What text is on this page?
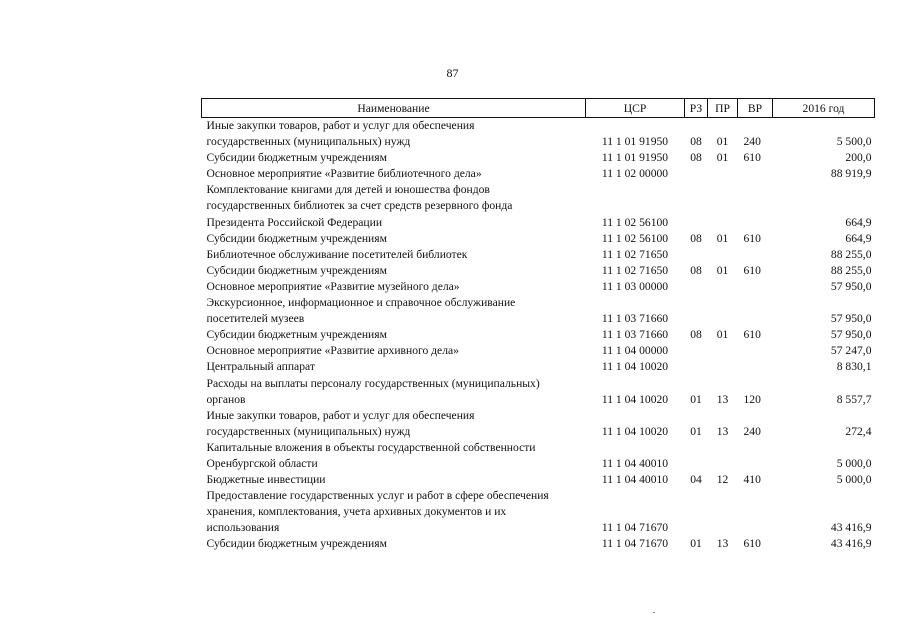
87
Наименование	ЦСР	РЗ	ПР	ВР	2016 год
Иные закупки товаров, работ и услуг для обеспечения					
государственных (муниципальных) нужд	11 1 01 91950	08	01	240	5 500,0
Субсидии бюджетным учреждениям	11 1 01 91950	08	01	610	200,0
Основное мероприятие «Развитие библиотечного дела»	11 1 02 00000				88 919,9
Комплектование книгами для детей и юношества фондов					
государственных библиотек за счет средств резервного фонда					
Президента Российской Федерации	11 1 02 56100				664,9
Субсидии бюджетным учреждениям	11 1 02 56100	08	01	610	664,9
Библиотечное обслуживание посетителей библиотек	11 1 02 71650				88 255,0
Субсидии бюджетным учреждениям	11 1 02 71650	08	01	610	88 255,0
Основное мероприятие «Развитие музейного дела»	11 1 03 00000				57 950,0
Экскурсионное, информационное и справочное обслуживание					
посетителей музеев	11 1 03 71660				57 950,0
Субсидии бюджетным учреждениям	11 1 03 71660	08	01	610	57 950,0
Основное мероприятие «Развитие архивного дела»	11 1 04 00000				57 247,0
Центральный аппарат	11 1 04 10020				8 830,1
Расходы на выплаты персоналу государственных (муниципальных)					
органов	11 1 04 10020	01	13	120	8 557,7
Иные закупки товаров, работ и услуг для обеспечения					
государственных (муниципальных) нужд	11 1 04 10020	01	13	240	272,4
Капитальные вложения в объекты государственной собственности					
Оренбургской области	11 1 04 40010				5 000,0
Бюджетные инвестиции	11 1 04 40010	04	12	410	5 000,0
Предоставление государственных услуг и работ в сфере обеспечения					
хранения, комплектования, учета архивных документов и их					
использования	11 1 04 71670				43 416,9
Субсидии бюджетным учреждениям	11 1 04 71670	01	13	610	43 416,9
